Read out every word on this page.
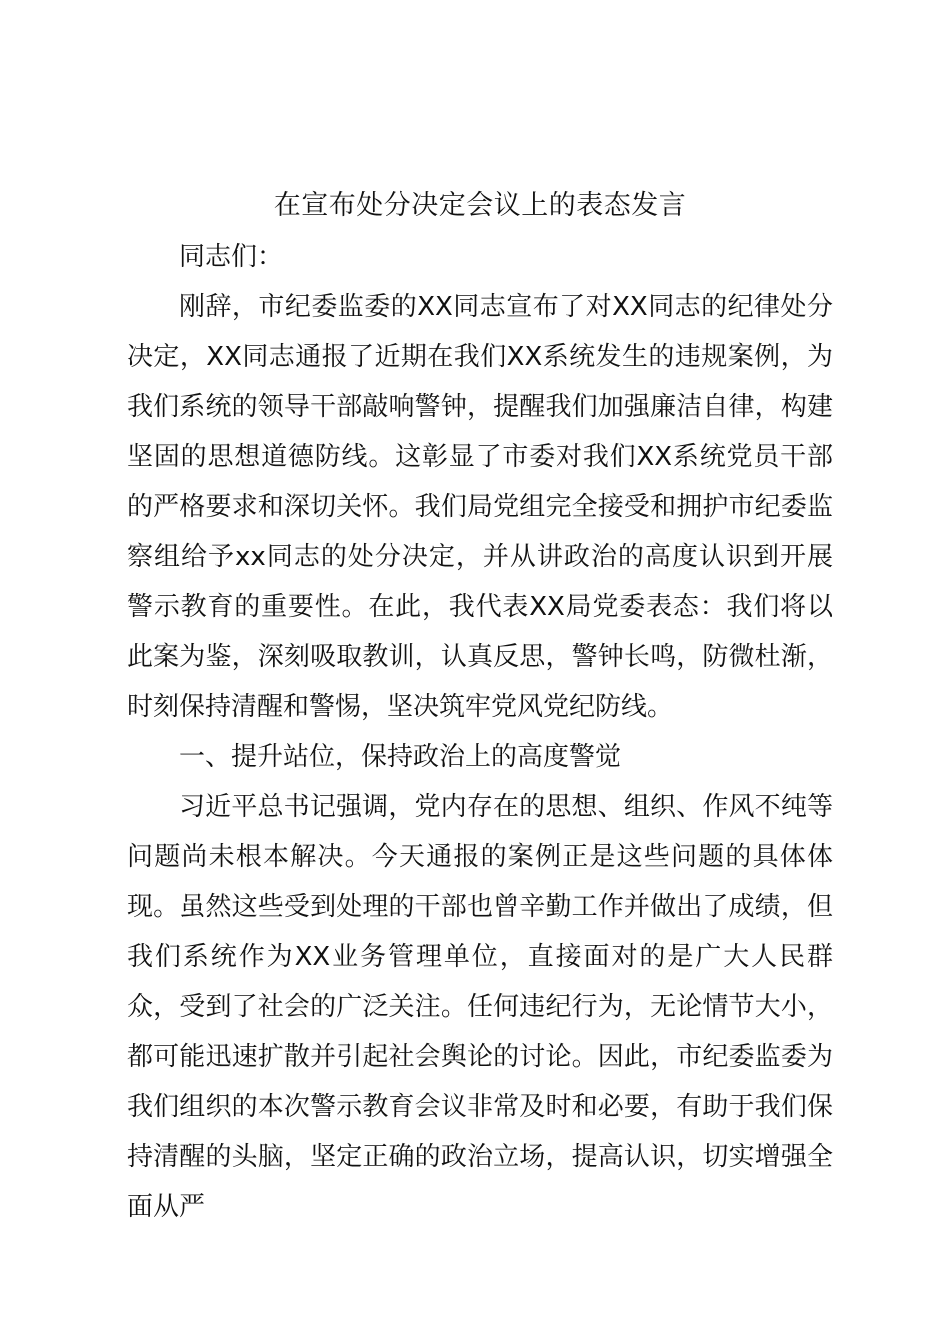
在宣布处分决定会议上的表态发言

同志们：

刚辞，市纪委监委的XX同志宣布了对XX同志的纪律处分决定，XX同志通报了近期在我们XX系统发生的违规案例，为我们系统的领导干部敲响警钟，提醒我们加强廉洁自律，构建坚固的思想道德防线。这彰显了市委对我们XX系统党员干部的严格要求和深切关怀。我们局党组完全接受和拥护市纪委监察组给予xx同志的处分决定，并从讲政治的高度认识到开展警示教育的重要性。在此，我代表XX局党委表态：我们将以此案为鉴，深刻吸取教训，认真反思，警钟长鸣，防微杜渐，时刻保持清醒和警惕，坚决筑牢党风党纪防线。

一、提升站位，保持政治上的高度警觉

习近平总书记强调，党内存在的思想、组织、作风不纯等问题尚未根本解决。今天通报的案例正是这些问题的具体体现。虽然这些受到处理的干部也曾辛勤工作并做出了成绩，但我们系统作为XX业务管理单位，直接面对的是广大人民群众，受到了社会的广泛关注。任何违纪行为，无论情节大小，都可能迅速扩散并引起社会舆论的讨论。因此，市纪委监委为我们组织的本次警示教育会议非常及时和必要，有助于我们保持清醒的头脑，坚定正确的政治立场，提高认识，切实增强全面从严
